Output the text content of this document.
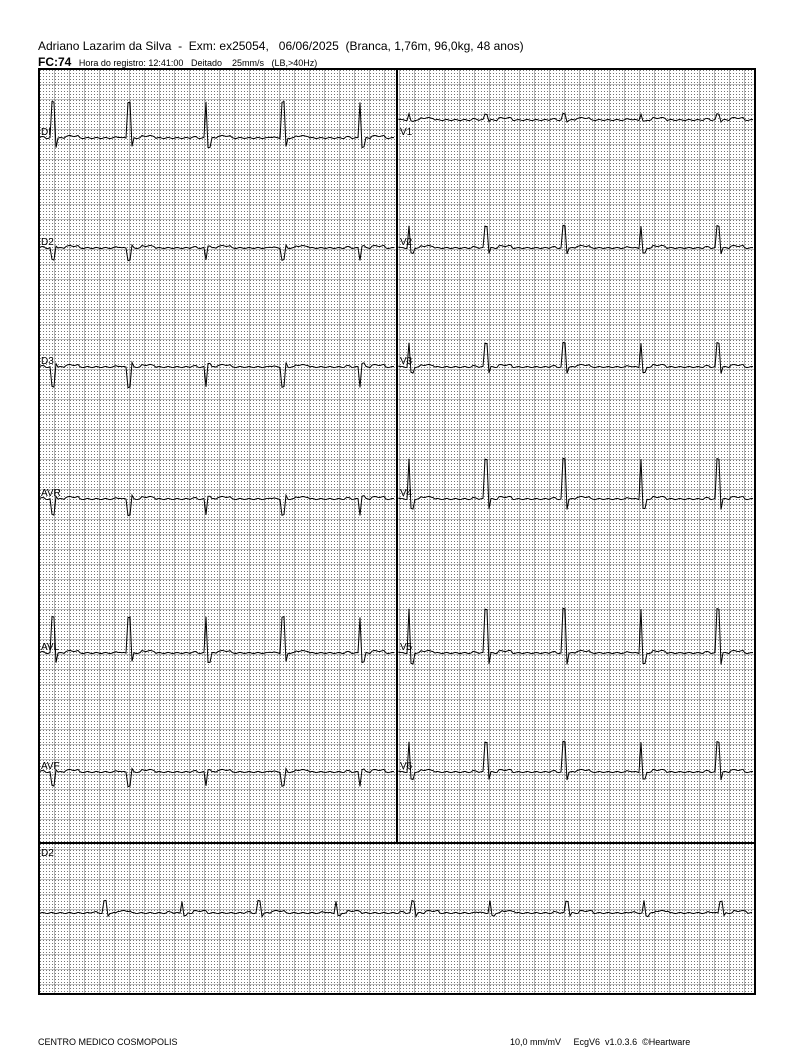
Adriano Lazarim da Silva  -  Exm: ex25054,   06/06/2025  (Branca, 1,76m, 96,0kg, 48 anos)
FC:74 Hora do registro: 12:41:00 Deitado 25mm/s (LB,>40Hz)
DI
D2
D3
AVR
AVL
AVF
V1
V2
V3
V4
V5
V6
D2
CENTRO MEDICO COSMOPOLIS	10,0 mm/mV EcgV6  v1.0.3.6  ©Heartware
